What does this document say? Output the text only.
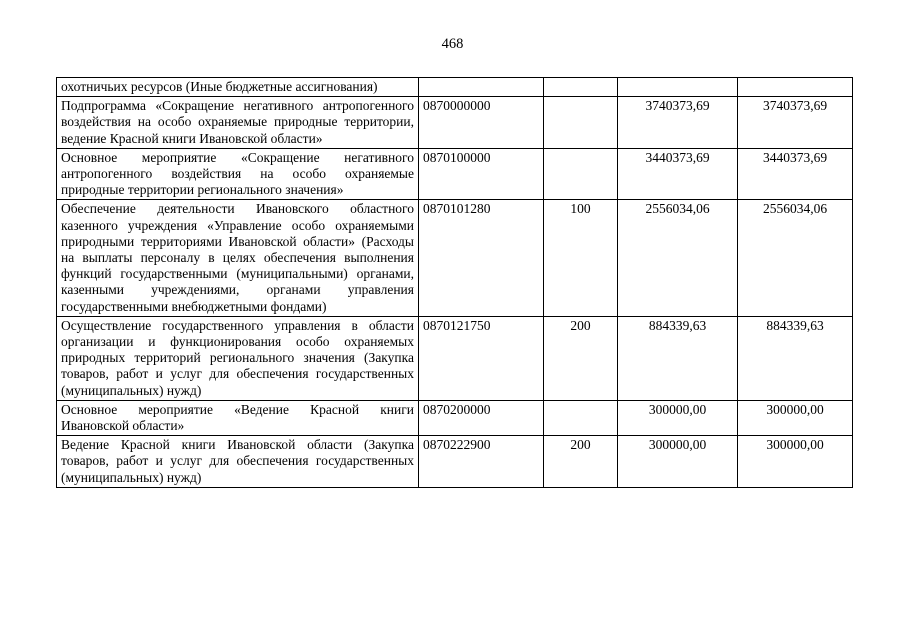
468
охотничьих ресурсов (Иные бюджетные ассигнования)				
Подпрограмма «Сокращение негативного антропогенного воздействия на особо охраняемые природные территории, ведение Красной книги Ивановской области»	0870000000		3740373,69	3740373,69
Основное мероприятие «Сокращение негативного антропогенного воздействия на особо охраняемые природные территории регионального значения»	0870100000		3440373,69	3440373,69
Обеспечение деятельности Ивановского областного казенного учреждения «Управление особо охраняемыми природными территориями Ивановской области» (Расходы на выплаты персоналу в целях обеспечения выполнения функций государственными (муниципальными) органами, казенными учреждениями, органами управления государственными внебюджетными фондами)	0870101280	100	2556034,06	2556034,06
Осуществление государственного управления в области организации и функционирования особо охраняемых природных территорий регионального значения (Закупка товаров, работ и услуг для обеспечения государственных (муниципальных) нужд)	0870121750	200	884339,63	884339,63
Основное мероприятие «Ведение Красной книги Ивановской области»	0870200000		300000,00	300000,00
Ведение Красной книги Ивановской области (Закупка товаров, работ и услуг для обеспечения государственных (муниципальных) нужд)	0870222900	200	300000,00	300000,00
